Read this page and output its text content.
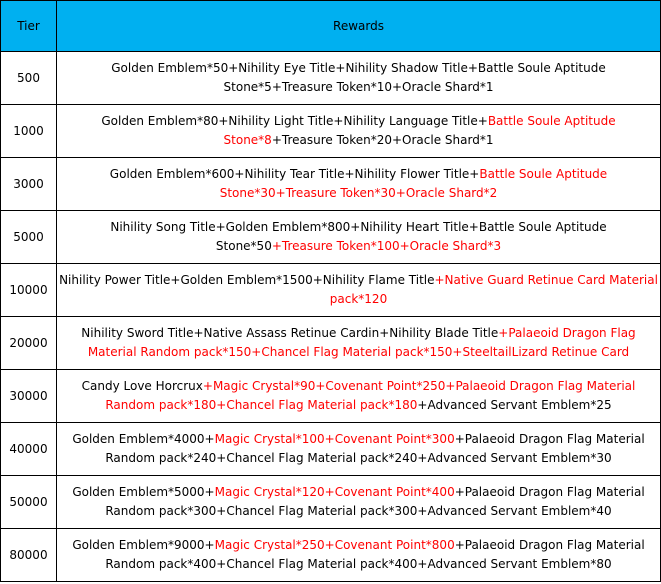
Tier	Rewards
500	Golden Emblem*50+Nihility Eye Title+Nihility Shadow Title+Battle Soule Aptitude Stone*5+Treasure Token*10+Oracle Shard*1
1000	Golden Emblem*80+Nihility Light Title+Nihility Language Title+Battle Soule Aptitude Stone*8+Treasure Token*20+Oracle Shard*1
3000	Golden Emblem*600+Nihility Tear Title+Nihility Flower Title+Battle Soule Aptitude Stone*30+Treasure Token*30+Oracle Shard*2
5000	Nihility Song Title+Golden Emblem*800+Nihility Heart Title+Battle Soule Aptitude Stone*50+Treasure Token*100+Oracle Shard*3
10000	Nihility Power Title+Golden Emblem*1500+Nihility Flame Title+Native Guard Retinue Card Material pack*120
20000	Nihility Sword Title+Native Assass Retinue Cardin+Nihility Blade Title+Palaeoid Dragon Flag Material Random pack*150+Chancel Flag Material pack*150+SteeltailLizard Retinue Card
30000	Candy Love Horcrux+Magic Crystal*90+Covenant Point*250+Palaeoid Dragon Flag Material Random pack*180+Chancel Flag Material pack*180+Advanced Servant Emblem*25
40000	Golden Emblem*4000+Magic Crystal*100+Covenant Point*300+Palaeoid Dragon Flag Material Random pack*240+Chancel Flag Material pack*240+Advanced Servant Emblem*30
50000	Golden Emblem*5000+Magic Crystal*120+Covenant Point*400+Palaeoid Dragon Flag Material Random pack*300+Chancel Flag Material pack*300+Advanced Servant Emblem*40
80000	Golden Emblem*9000+Magic Crystal*250+Covenant Point*800+Palaeoid Dragon Flag Material Random pack*400+Chancel Flag Material pack*400+Advanced Servant Emblem*80
